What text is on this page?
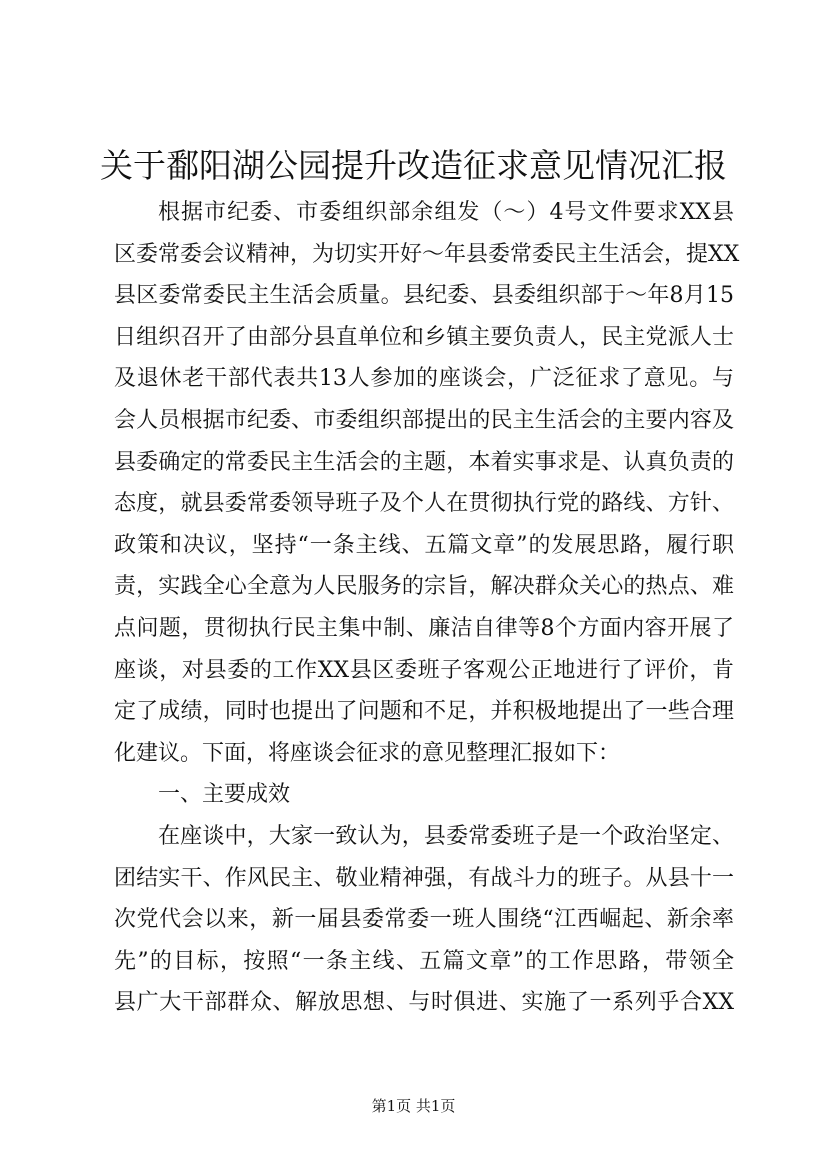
关于鄱阳湖公园提升改造征求意见情况汇报
根据市纪委、市委组织部余组发（～）4号文件要求XX县
区委常委会议精神，为切实开好～年县委常委民主生活会，提XX
县区委常委民主生活会质量。县纪委、县委组织部于～年8月15
日组织召开了由部分县直单位和乡镇主要负责人，民主党派人士
及退休老干部代表共13人参加的座谈会，广泛征求了意见。与
会人员根据市纪委、市委组织部提出的民主生活会的主要内容及
县委确定的常委民主生活会的主题，本着实事求是、认真负责的
态度，就县委常委领导班子及个人在贯彻执行党的路线、方针、
政策和决议，坚持“一条主线、五篇文章”的发展思路，履行职
责，实践全心全意为人民服务的宗旨，解决群众关心的热点、难
点问题，贯彻执行民主集中制、廉洁自律等8个方面内容开展了
座谈，对县委的工作XX县区委班子客观公正地进行了评价，肯
定了成绩，同时也提出了问题和不足，并积极地提出了一些合理
化建议。下面，将座谈会征求的意见整理汇报如下：
一、主要成效
在座谈中，大家一致认为，县委常委班子是一个政治坚定、
团结实干、作风民主、敬业精神强，有战斗力的班子。从县十一
次党代会以来，新一届县委常委一班人围绕“江西崛起、新余率
先”的目标，按照“一条主线、五篇文章”的工作思路，带领全
县广大干部群众、解放思想、与时俱进、实施了一系列乎合XX
第1页 共1页
